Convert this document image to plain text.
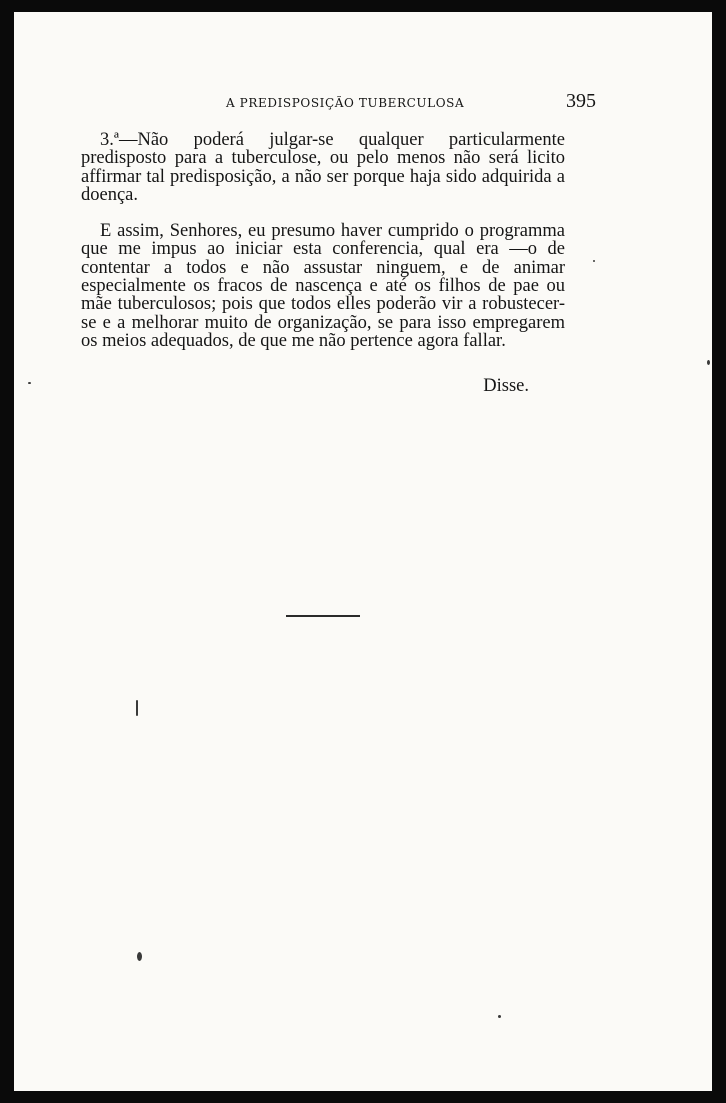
A PREDISPOSIÇÃO TUBERCULOSA	395

3.ª—Não poderá julgar-se qualquer particularmente predisposto para a tuberculose, ou pelo menos não será licito affirmar tal predisposição, a não ser porque haja sido adquirida a doença.

E assim, Senhores, eu presumo haver cumprido o programma que me impus ao iniciar esta conferencia, qual era —o de contentar a todos e não assustar ninguem, e de animar especialmente os fracos de nascença e até os filhos de pae ou mãe tuberculosos; pois que todos elles poderão vir a robustecer-se e a melhorar muito de organização, se para isso empregarem os meios adequados, de que me não pertence agora fallar.

Disse.
